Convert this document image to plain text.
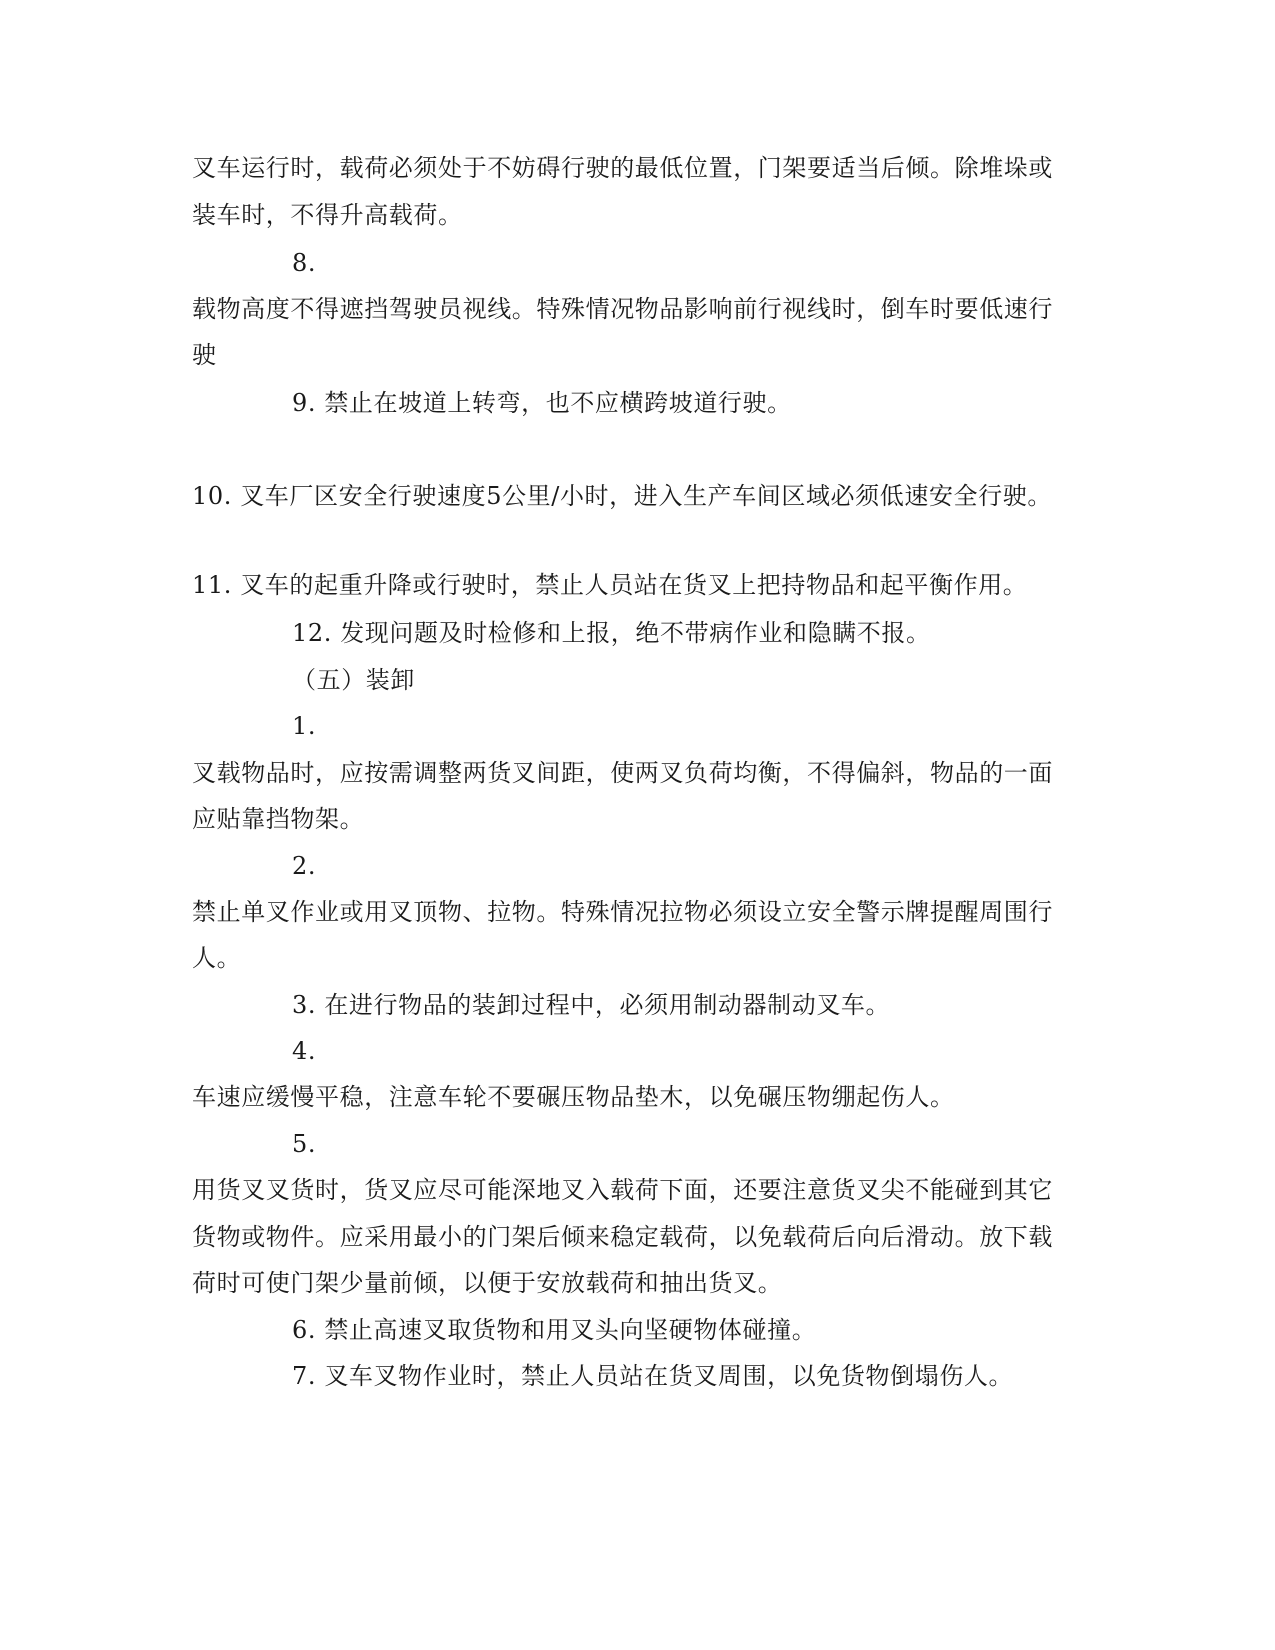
叉车运行时，载荷必须处于不妨碍行驶的最低位置，门架要适当后倾。除堆垛或
装车时，不得升高载荷。
8.
载物高度不得遮挡驾驶员视线。特殊情况物品影响前行视线时，倒车时要低速行
驶
9. 禁止在坡道上转弯，也不应横跨坡道行驶。
10. 叉车厂区安全行驶速度5公里/小时，进入生产车间区域必须低速安全行驶。
11. 叉车的起重升降或行驶时，禁止人员站在货叉上把持物品和起平衡作用。
12. 发现问题及时检修和上报，绝不带病作业和隐瞒不报。
（五）装卸
1.
叉载物品时，应按需调整两货叉间距，使两叉负荷均衡，不得偏斜，物品的一面
应贴靠挡物架。
2.
禁止单叉作业或用叉顶物、拉物。特殊情况拉物必须设立安全警示牌提醒周围行
人。
3. 在进行物品的装卸过程中，必须用制动器制动叉车。
4.
车速应缓慢平稳，注意车轮不要碾压物品垫木，以免碾压物绷起伤人。
5.
用货叉叉货时，货叉应尽可能深地叉入载荷下面，还要注意货叉尖不能碰到其它
货物或物件。应采用最小的门架后倾来稳定载荷，以免载荷后向后滑动。放下载
荷时可使门架少量前倾，以便于安放载荷和抽出货叉。
6. 禁止高速叉取货物和用叉头向坚硬物体碰撞。
7. 叉车叉物作业时，禁止人员站在货叉周围，以免货物倒塌伤人。
